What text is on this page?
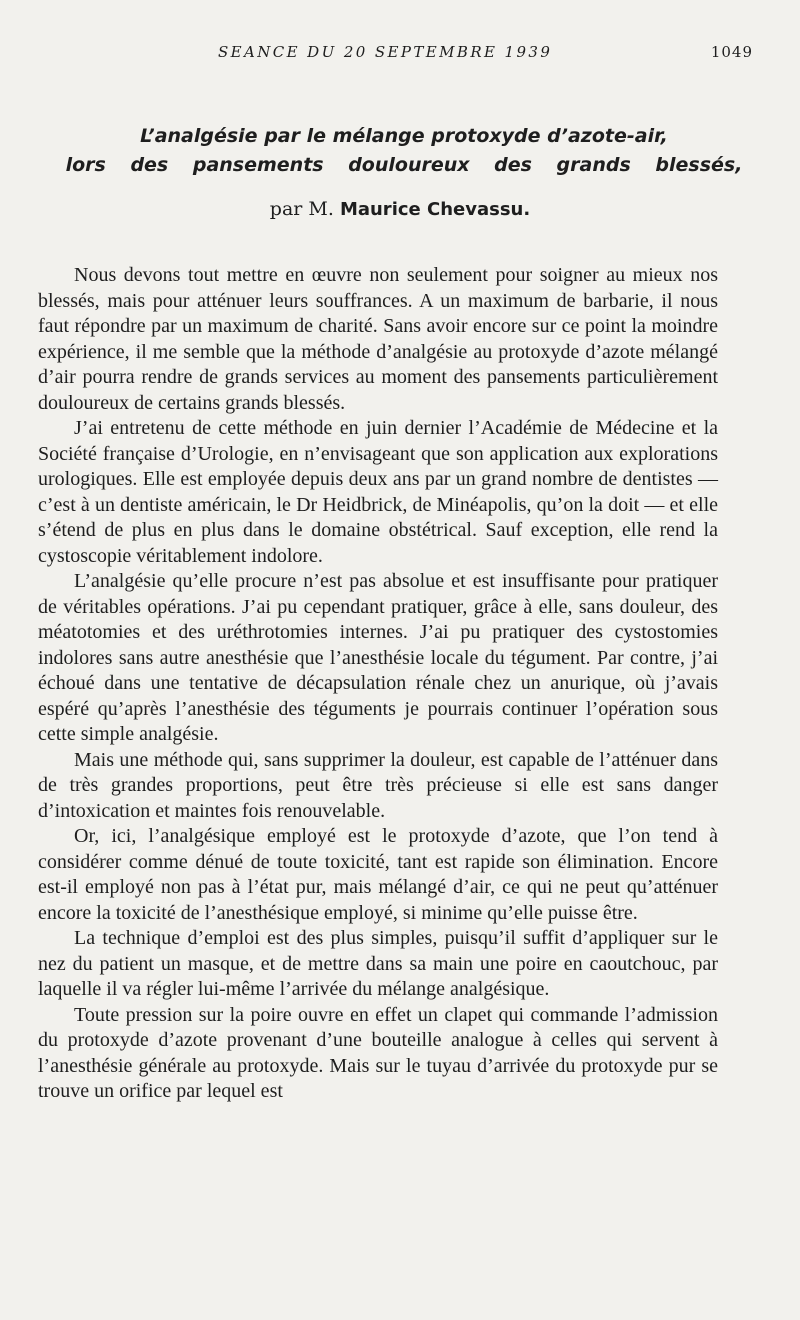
SEANCE DU 20 SEPTEMBRE 1939	1049
L’analgésie par le mélange protoxyde d’azote-air,
lors des pansements douloureux des grands blessés,
par M. Maurice Chevassu.

Nous devons tout mettre en œuvre non seulement pour soigner au mieux nos blessés, mais pour atténuer leurs souffrances. A un maximum de barbarie, il nous faut répondre par un maximum de charité. Sans avoir encore sur ce point la moindre expérience, il me semble que la méthode d’analgésie au protoxyde d’azote mélangé d’air pourra rendre de grands services au moment des pansements particulièrement douloureux de certains grands blessés.

J’ai entretenu de cette méthode en juin dernier l’Académie de Médecine et la Société française d’Urologie, en n’envisageant que son application aux explorations urologiques. Elle est employée depuis deux ans par un grand nombre de dentistes — c’est à un dentiste américain, le Dr Heidbrick, de Minéapolis, qu’on la doit — et elle s’étend de plus en plus dans le domaine obstétrical. Sauf exception, elle rend la cystoscopie véritablement indolore.

L’analgésie qu’elle procure n’est pas absolue et est insuffisante pour pratiquer de véritables opérations. J’ai pu cependant pratiquer, grâce à elle, sans douleur, des méatotomies et des uréthrotomies internes. J’ai pu pratiquer des cystostomies indolores sans autre anesthésie que l’anesthésie locale du tégument. Par contre, j’ai échoué dans une tentative de décapsulation rénale chez un anurique, où j’avais espéré qu’après l’anesthésie des téguments je pourrais continuer l’opération sous cette simple analgésie.

Mais une méthode qui, sans supprimer la douleur, est capable de l’atténuer dans de très grandes proportions, peut être très précieuse si elle est sans danger d’intoxication et maintes fois renouvelable.

Or, ici, l’analgésique employé est le protoxyde d’azote, que l’on tend à considérer comme dénué de toute toxicité, tant est rapide son élimination. Encore est-il employé non pas à l’état pur, mais mélangé d’air, ce qui ne peut qu’atténuer encore la toxicité de l’anesthésique employé, si minime qu’elle puisse être.

La technique d’emploi est des plus simples, puisqu’il suffit d’appliquer sur le nez du patient un masque, et de mettre dans sa main une poire en caoutchouc, par laquelle il va régler lui-même l’arrivée du mélange analgésique.

Toute pression sur la poire ouvre en effet un clapet qui commande l’admission du protoxyde d’azote provenant d’une bouteille analogue à celles qui servent à l’anesthésie générale au protoxyde. Mais sur le tuyau d’arrivée du protoxyde pur se trouve un orifice par lequel est
